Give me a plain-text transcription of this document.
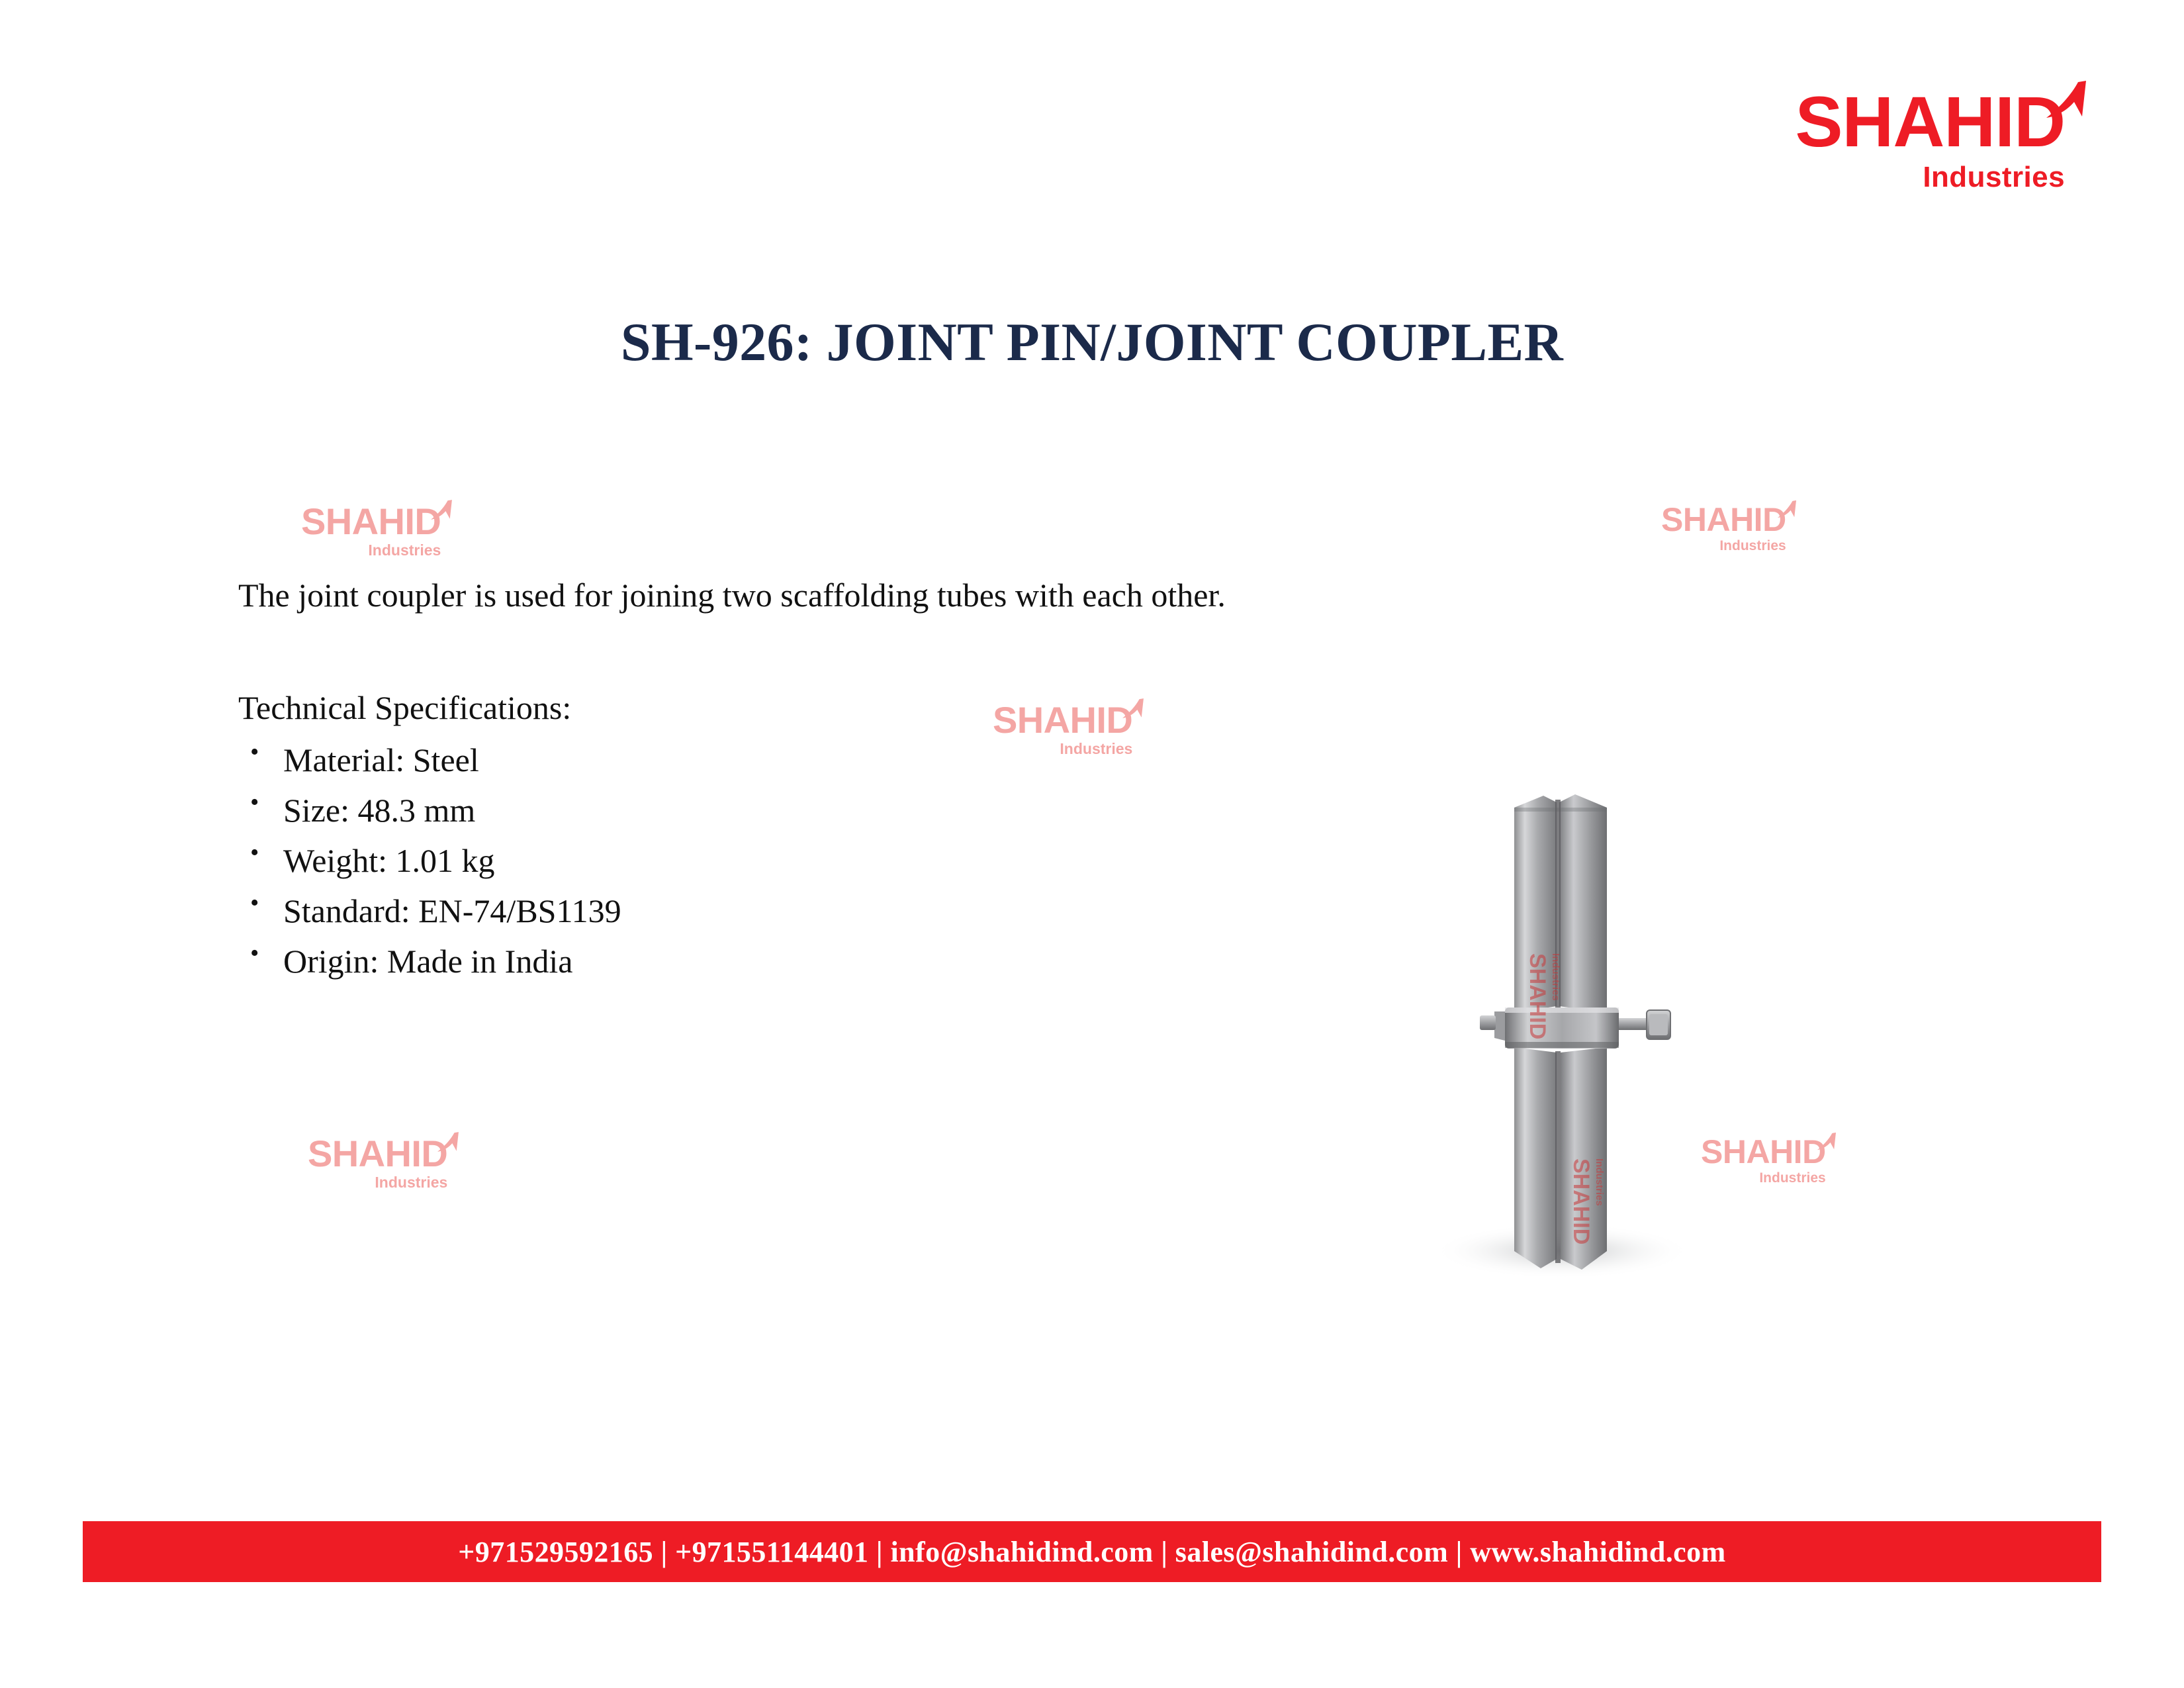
SHAHID
Industries
SH-926: JOINT PIN/JOINT COUPLER
SHAHID
Industries
SHAHID
Industries
SHAHID
Industries
SHAHID
Industries
SHAHID
Industries
The joint coupler is used for joining two scaffolding tubes with each other.
Technical Specifications:
• Material: Steel
• Size: 48.3 mm
• Weight: 1.01 kg
• Standard: EN-74/BS1139
• Origin: Made in India	SHAHID Industries
SHAHID Industries
+971529592165 | +971551144401 | info@shahidind.com | sales@shahidind.com | www.shahidind.com
